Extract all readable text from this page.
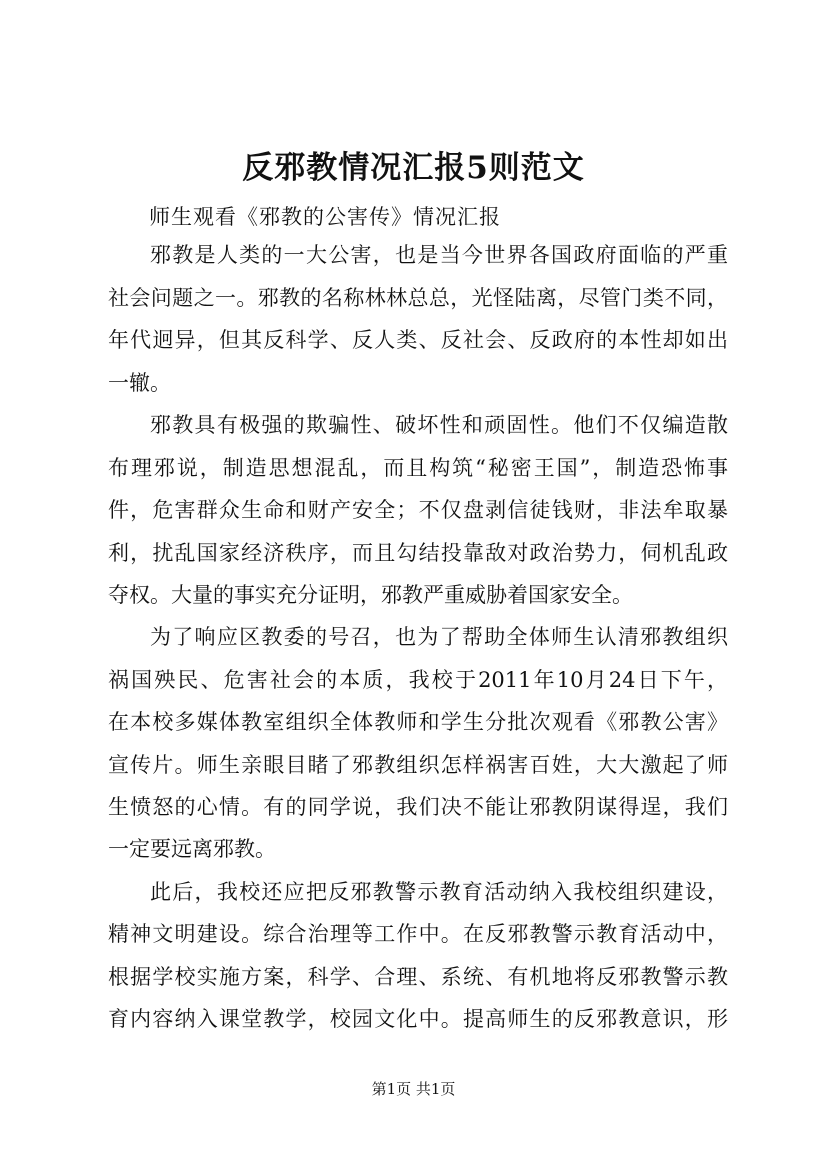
反邪教情况汇报5则范文
师生观看《邪教的公害传》情况汇报
邪教是人类的一大公害，也是当今世界各国政府面临的严重
社会问题之一。邪教的名称林林总总，光怪陆离，尽管门类不同，
年代迥异，但其反科学、反人类、反社会、反政府的本性却如出
一辙。
邪教具有极强的欺骗性、破坏性和顽固性。他们不仅编造散
布理邪说，制造思想混乱，而且构筑“秘密王国”，制造恐怖事
件，危害群众生命和财产安全；不仅盘剥信徒钱财，非法牟取暴
利，扰乱国家经济秩序，而且勾结投靠敌对政治势力，伺机乱政
夺权。大量的事实充分证明，邪教严重威胁着国家安全。
为了响应区教委的号召，也为了帮助全体师生认清邪教组织
祸国殃民、危害社会的本质，我校于2011年10月24日下午，
在本校多媒体教室组织全体教师和学生分批次观看《邪教公害》
宣传片。师生亲眼目睹了邪教组织怎样祸害百姓，大大激起了师
生愤怒的心情。有的同学说，我们决不能让邪教阴谋得逞，我们
一定要远离邪教。
此后，我校还应把反邪教警示教育活动纳入我校组织建设，
精神文明建设。综合治理等工作中。在反邪教警示教育活动中，
根据学校实施方案，科学、合理、系统、有机地将反邪教警示教
育内容纳入课堂教学，校园文化中。提高师生的反邪教意识，形
第1页 共1页
